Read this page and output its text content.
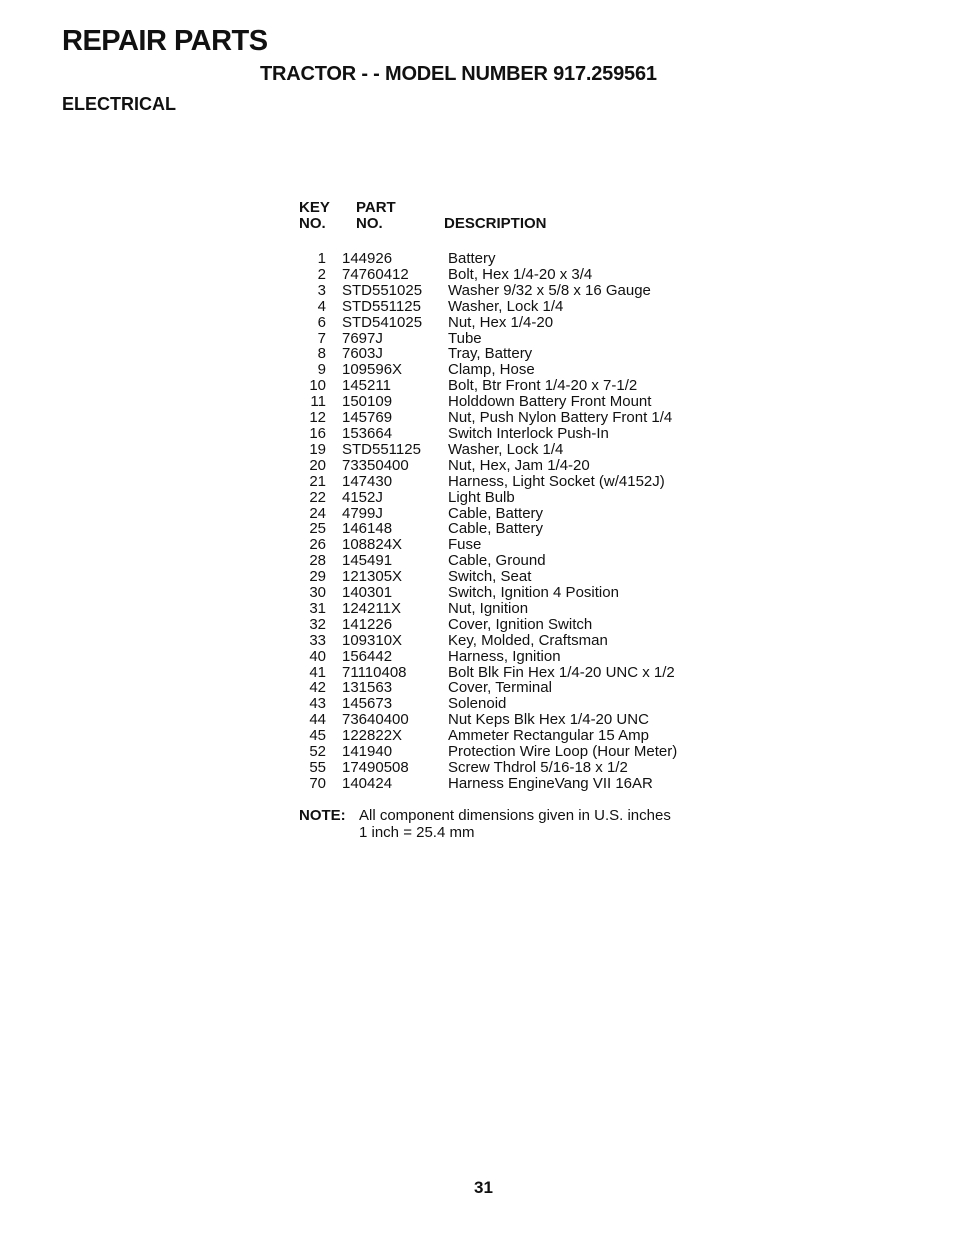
REPAIR PARTS
TRACTOR - - MODEL NUMBER 917.259561
ELECTRICAL
KEY
NO.
PART
NO.	DESCRIPTION
1	144926	Battery
2	74760412	Bolt, Hex 1/4-20 x 3/4
3	STD551025	Washer 9/32 x 5/8 x 16 Gauge
4	STD551125	Washer, Lock 1/4
6	STD541025	Nut, Hex 1/4-20
7	7697J	Tube
8	7603J	Tray, Battery
9	109596X	Clamp, Hose
10	145211	Bolt, Btr Front 1/4-20 x 7-1/2
11	150109	Holddown Battery Front Mount
12	145769	Nut, Push Nylon Battery Front 1/4
16	153664	Switch Interlock Push-In
19	STD551125	Washer, Lock 1/4
20	73350400	Nut, Hex, Jam 1/4-20
21	147430	Harness, Light Socket (w/4152J)
22	4152J	Light Bulb
24	4799J	Cable, Battery
25	146148	Cable, Battery
26	108824X	Fuse
28	145491	Cable, Ground
29	121305X	Switch, Seat
30	140301	Switch, Ignition 4 Position
31	124211X	Nut, Ignition
32	141226	Cover, Ignition Switch
33	109310X	Key, Molded, Craftsman
40	156442	Harness, Ignition
41	71110408	Bolt Blk Fin Hex 1/4-20 UNC x 1/2
42	131563	Cover, Terminal
43	145673	Solenoid
44	73640400	Nut Keps Blk Hex 1/4-20 UNC
45	122822X	Ammeter Rectangular 15 Amp
52	141940	Protection Wire Loop (Hour Meter)
55	17490508	Screw Thdrol 5/16-18 x 1/2
70	140424	Harness EngineVang VII 16AR
NOTE: All component dimensions given in U.S. inches
1 inch = 25.4 mm
31
